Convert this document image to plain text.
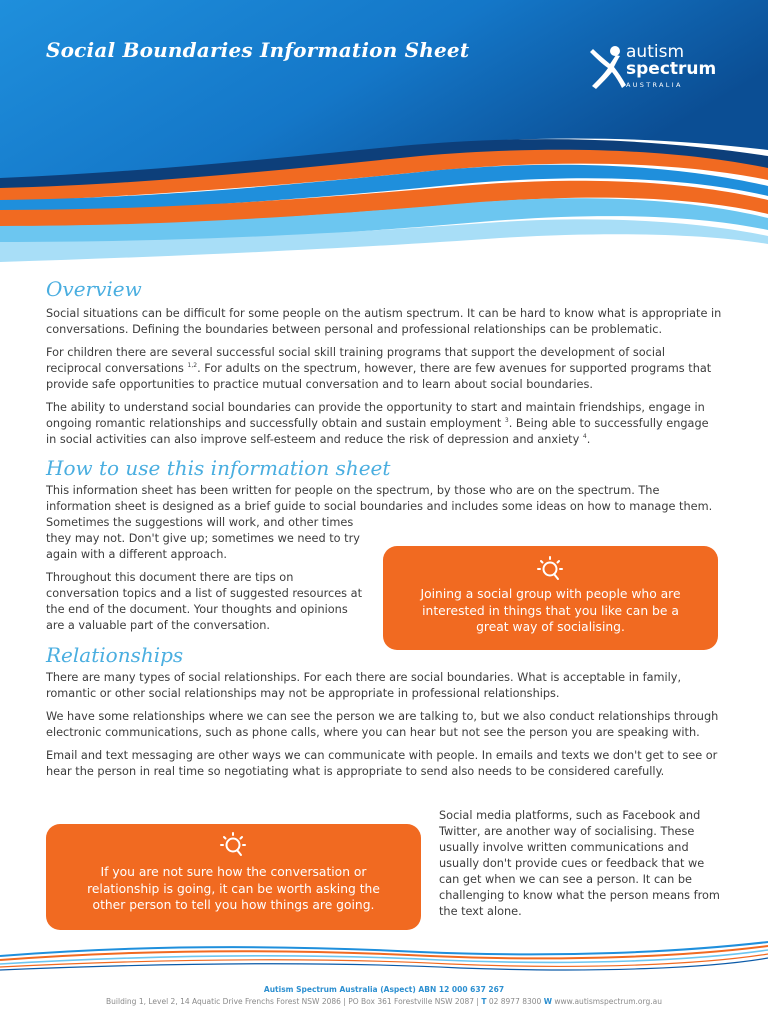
Social Boundaries Information Sheet	autism
spectrum
AUSTRALIA
Overview

Social situations can be difficult for some people on the autism spectrum. It can be hard to know what is appropriate in conversations. Defining the boundaries between personal and professional relationships can be problematic.

For children there are several successful social skill training programs that support the development of social reciprocal conversations $^{1,2}$. For adults on the spectrum, however, there are few avenues for supported programs that provide safe opportunities to practice mutual conversation and to learn about social boundaries.

The ability to understand social boundaries can provide the opportunity to start and maintain friendships, engage in ongoing romantic relationships and successfully obtain and sustain employment $^3$. Being able to successfully engage in social activities can also improve self-esteem and reduce the risk of depression and anxiety $^4$.

How to use this information sheet

This information sheet has been written for people on the spectrum, by those who are on the spectrum. The information sheet is designed as a brief guide to social boundaries and includes some ideas on how to manage them.

Sometimes the suggestions will work, and other times they may not. Don't give up; sometimes we need to try again with a different approach.

Throughout this document there are tips on conversation topics and a list of suggested resources at the end of the document. Your thoughts and opinions are a valuable part of the conversation.

Relationships

There are many types of social relationships. For each there are social boundaries. What is acceptable in family, romantic or other social relationships may not be appropriate in professional relationships.

We have some relationships where we can see the person we are talking to, but we also conduct relationships through electronic communications, such as phone calls, where you can hear but not see the person you are speaking with.

Email and text messaging are other ways we can communicate with people. In emails and texts we don't get to see or hear the person in real time so negotiating what is appropriate to send also needs to be considered carefully.

Social media platforms, such as Facebook and Twitter, are another way of socialising. These usually involve written communications and usually don't provide cues or feedback that we can get when we can see a person. It can be challenging to know what the person means from the text alone.

Joining a social group with people who are interested in things that you like can be a great way of socialising.
If you are not sure how the conversation or relationship is going, it can be worth asking the other person to tell you how things are going.

Autism Spectrum Australia (Aspect) ABN 12 000 637 267

Building 1, Level 2, 14 Aquatic Drive Frenchs Forest NSW 2086 | PO Box 361 Forestville NSW 2087 | T 02 8977 8300 W www.autismspectrum.org.au
